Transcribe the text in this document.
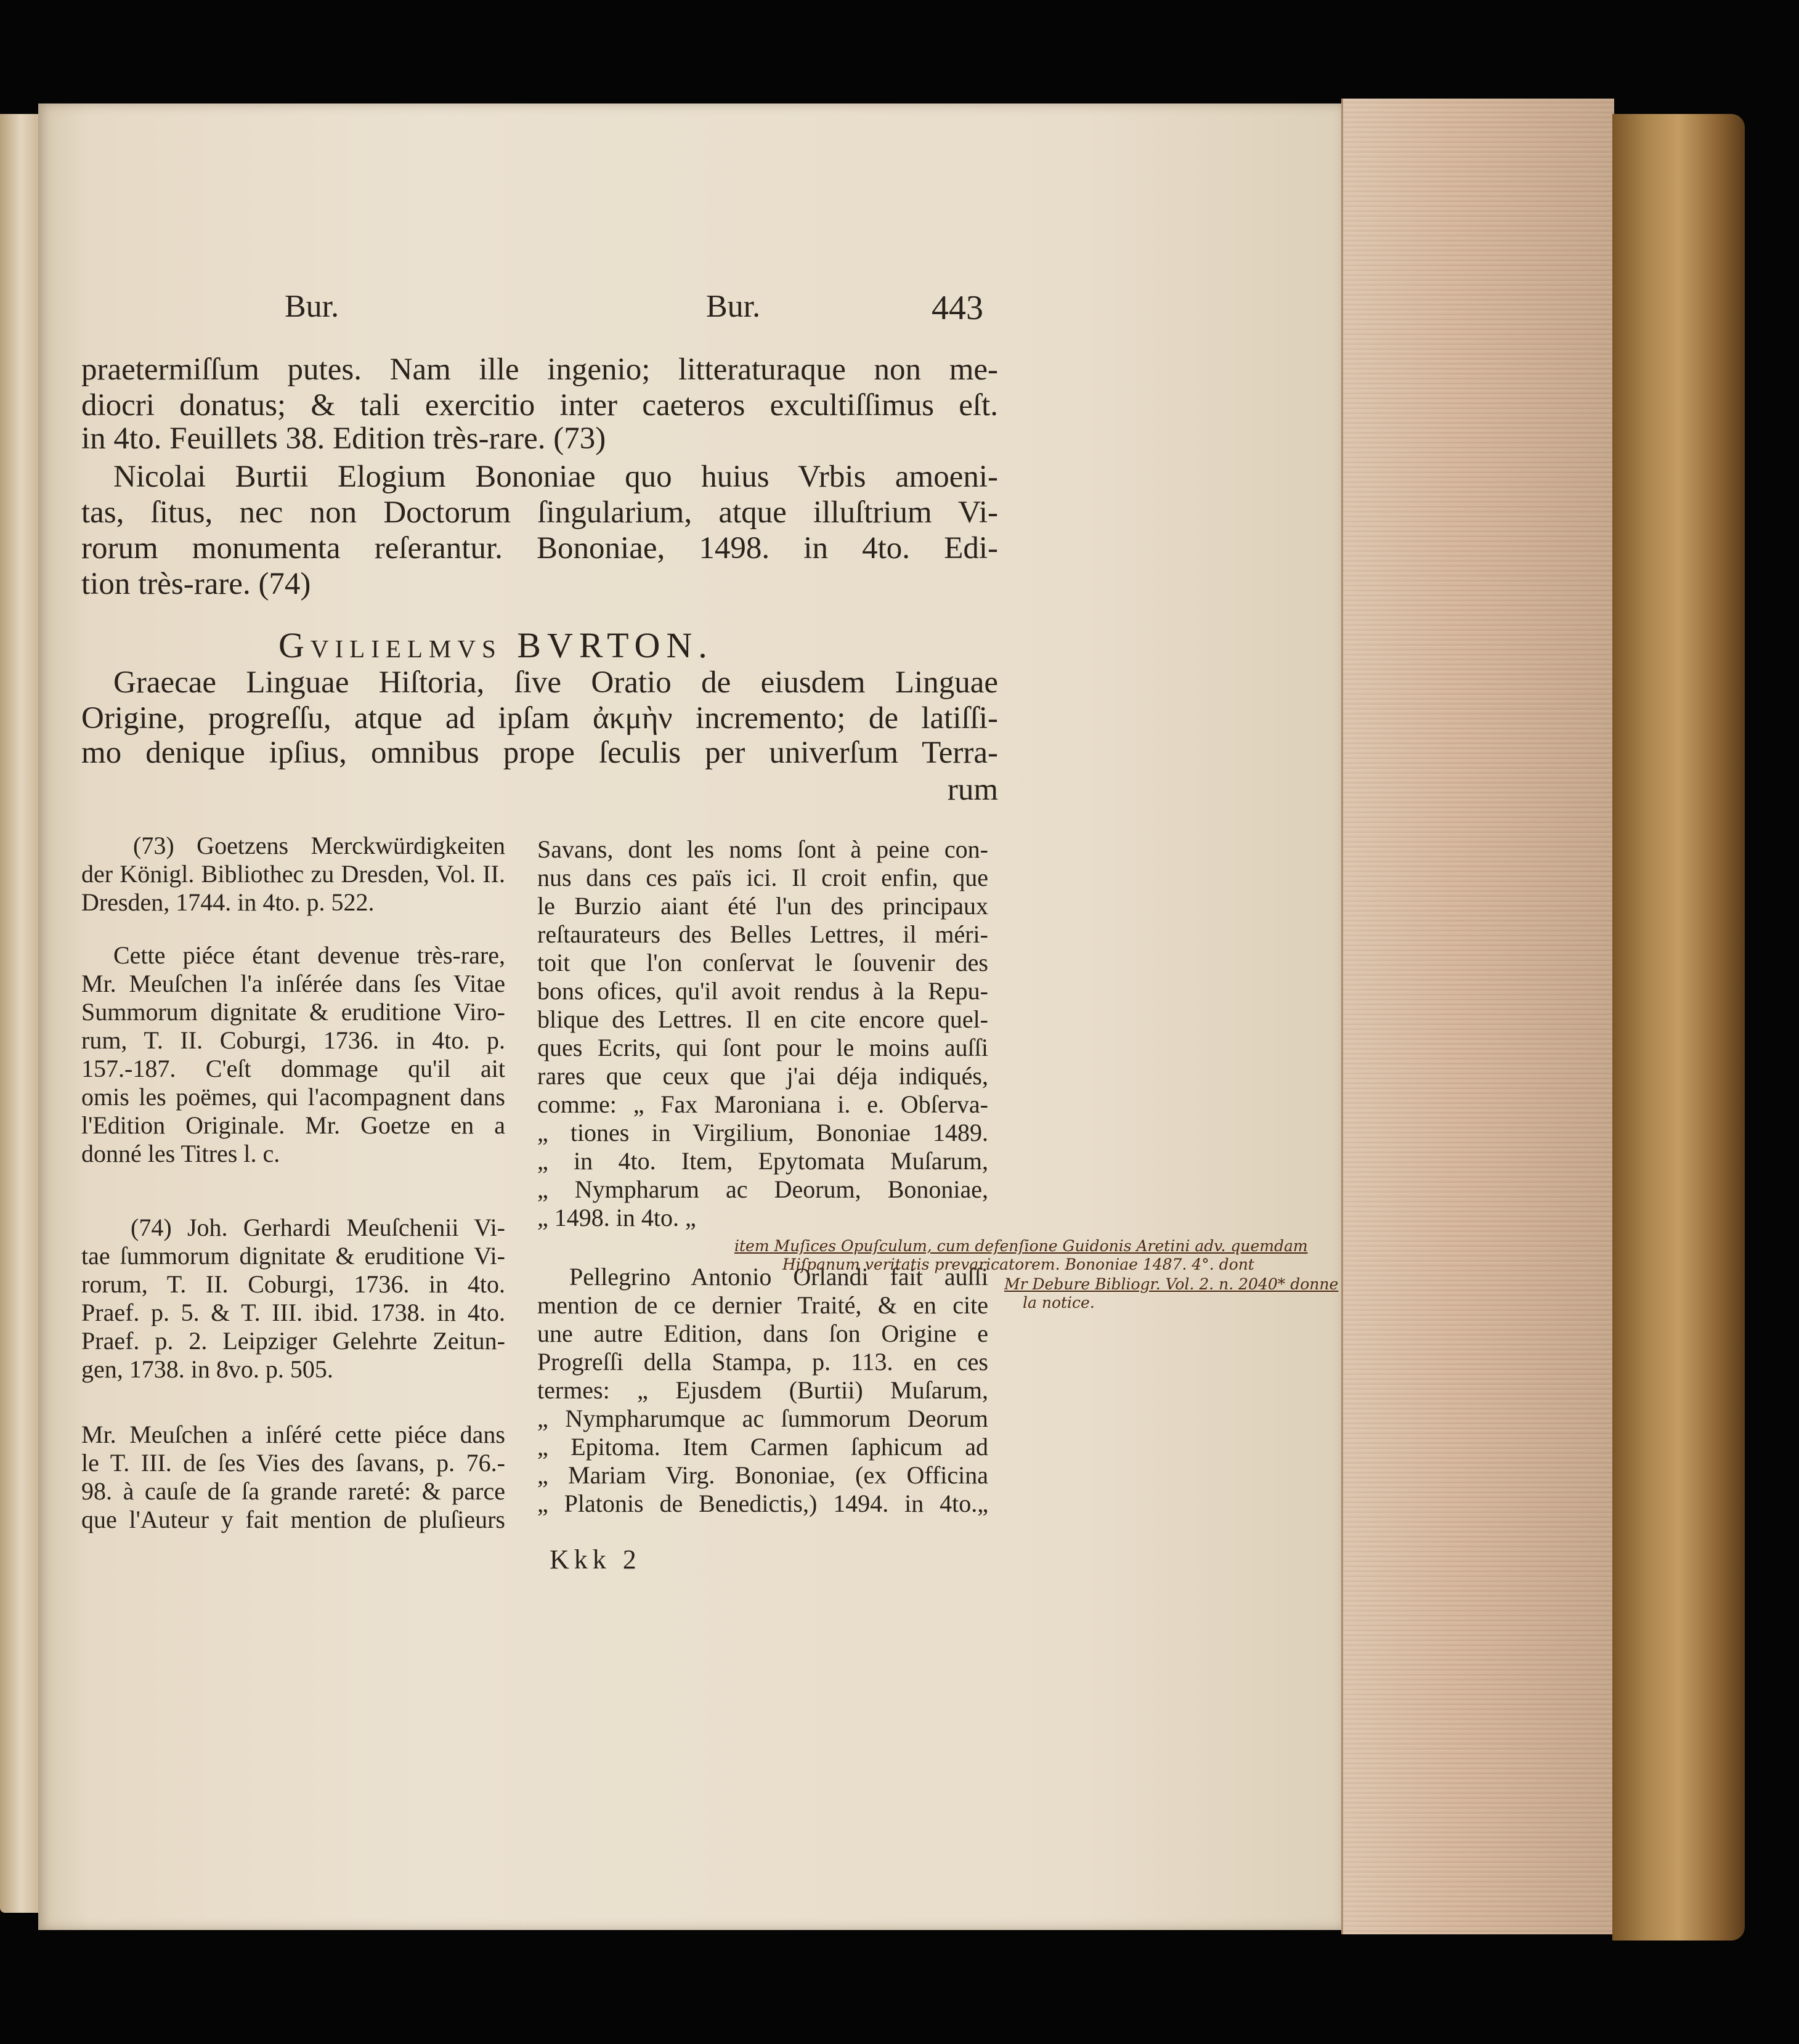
Bur.	Bur.	443
praetermiſſum putes. Nam ille ingenio; litteraturaque non me-
diocri donatus; & tali exercitio inter caeteros excultiſſimus eſt.
in 4to. Feuillets 38. Edition très-rare. (73)
Nicolai Burtii Elogium Bononiae quo huius Vrbis amoeni-
tas, ſitus, nec non Doctorum ſingularium, atque illuſtrium Vi-
rorum monumenta reſerantur. Bononiae, 1498. in 4to. Edi-
tion très-rare. (74)
Gvilielmvs BVRTON.
Graecae Linguae Hiſtoria, ſive Oratio de eiusdem Linguae
Origine, progreſſu, atque ad ipſam ἀκμὴν incremento; de latiſſi-
mo denique ipſius, omnibus prope ſeculis per univerſum Terra-
rum
(73) Goetzens Merckwürdigkeiten
der Königl. Bibliothec zu Dresden, Vol. II.
Dresden, 1744. in 4to. p. 522.
Cette piéce étant devenue très-rare,
Mr. Meuſchen l'a inſérée dans ſes Vitae
Summorum dignitate & eruditione Viro-
rum, T. II. Coburgi, 1736. in 4to. p.
157.-187. C'eſt dommage qu'il ait
omis les poëmes, qui l'acompagnent dans
l'Edition Originale. Mr. Goetze en a
donné les Titres l. c.
(74) Joh. Gerhardi Meuſchenii Vi-
tae ſummorum dignitate & eruditione Vi-
rorum, T. II. Coburgi, 1736. in 4to.
Praef. p. 5. & T. III. ibid. 1738. in 4to.
Praef. p. 2. Leipziger Gelehrte Zeitun-
gen, 1738. in 8vo. p. 505.
Mr. Meuſchen a inſéré cette piéce dans
le T. III. de ſes Vies des ſavans, p. 76.-
98. à cauſe de ſa grande rareté: & parce
que l'Auteur y fait mention de pluſieurs
Savans, dont les noms ſont à peine con-
nus dans ces païs ici. Il croit enfin, que
le Burzio aiant été l'un des principaux
reſtaurateurs des Belles Lettres, il méri-
toit que l'on conſervat le ſouvenir des
bons ofices, qu'il avoit rendus à la Repu-
blique des Lettres. Il en cite encore quel-
ques Ecrits, qui ſont pour le moins auſſi
rares que ceux que j'ai déja indiqués,
comme: „ Fax Maroniana i. e. Obſerva-
„ tiones in Virgilium, Bononiae 1489.
„ in 4to. Item, Epytomata Muſarum,
„ Nympharum ac Deorum, Bononiae,
„ 1498. in 4to. „
Pellegrino Antonio Orlandi fait auſſi
mention de ce dernier Traité, & en cite
une autre Edition, dans ſon Origine e
Progreſſi della Stampa, p. 113. en ces
termes: „ Ejusdem (Burtii) Muſarum,
„ Nympharumque ac ſummorum Deorum
„ Epitoma. Item Carmen ſaphicum ad
„ Mariam Virg. Bononiae, (ex Officina
„ Platonis de Benedictis,) 1494. in 4to.„
Kkk 2
item Muſices Opuſculum, cum defenſione Guidonis Aretini adv. quemdam
Hiſpanum veritatis prevaricatorem. Bononiae 1487. 4°. dont
Mr Debure Bibliogr. Vol. 2. n. 2040* donne
la notice.
